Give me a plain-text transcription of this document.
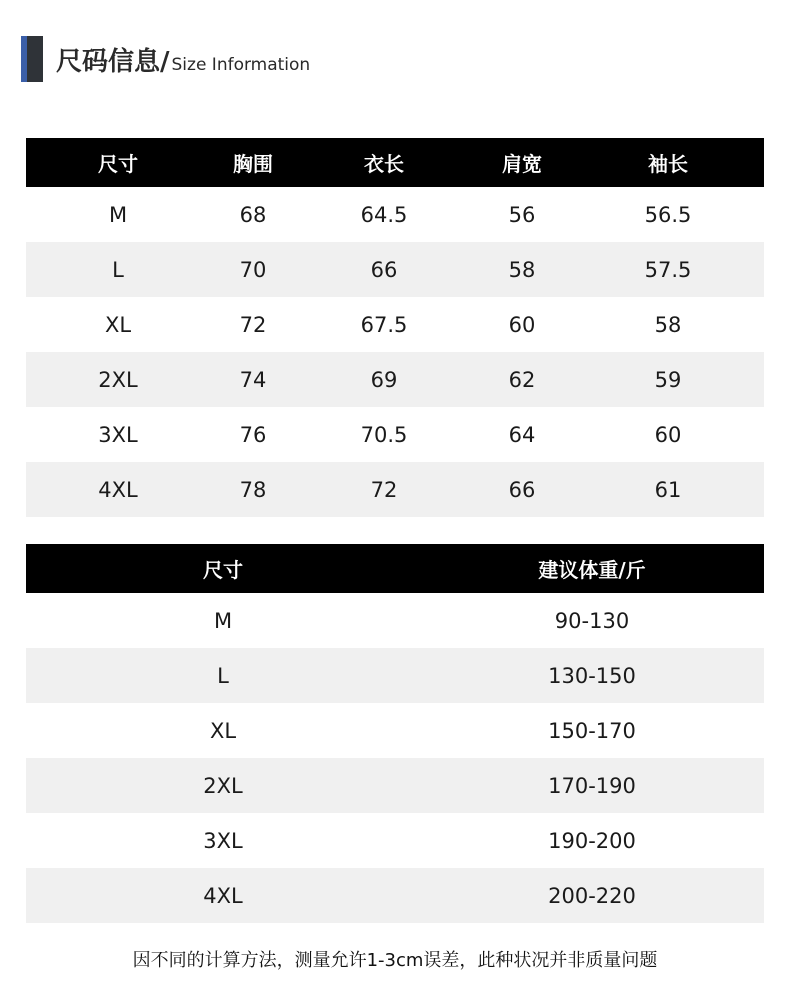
尺码信息/ Size Information
尺寸	胸围	衣长	肩宽	袖长
M	68	64.5	56	56.5
L	70	66	58	57.5
XL	72	67.5	60	58
2XL	74	69	62	59
3XL	76	70.5	64	60
4XL	78	72	66	61
尺寸	建议体重/斤
M	90-130
L	130-150
XL	150-170
2XL	170-190
3XL	190-200
4XL	200-220
因不同的计算方法，测量允许1-3cm误差，此种状况并非质量问题
